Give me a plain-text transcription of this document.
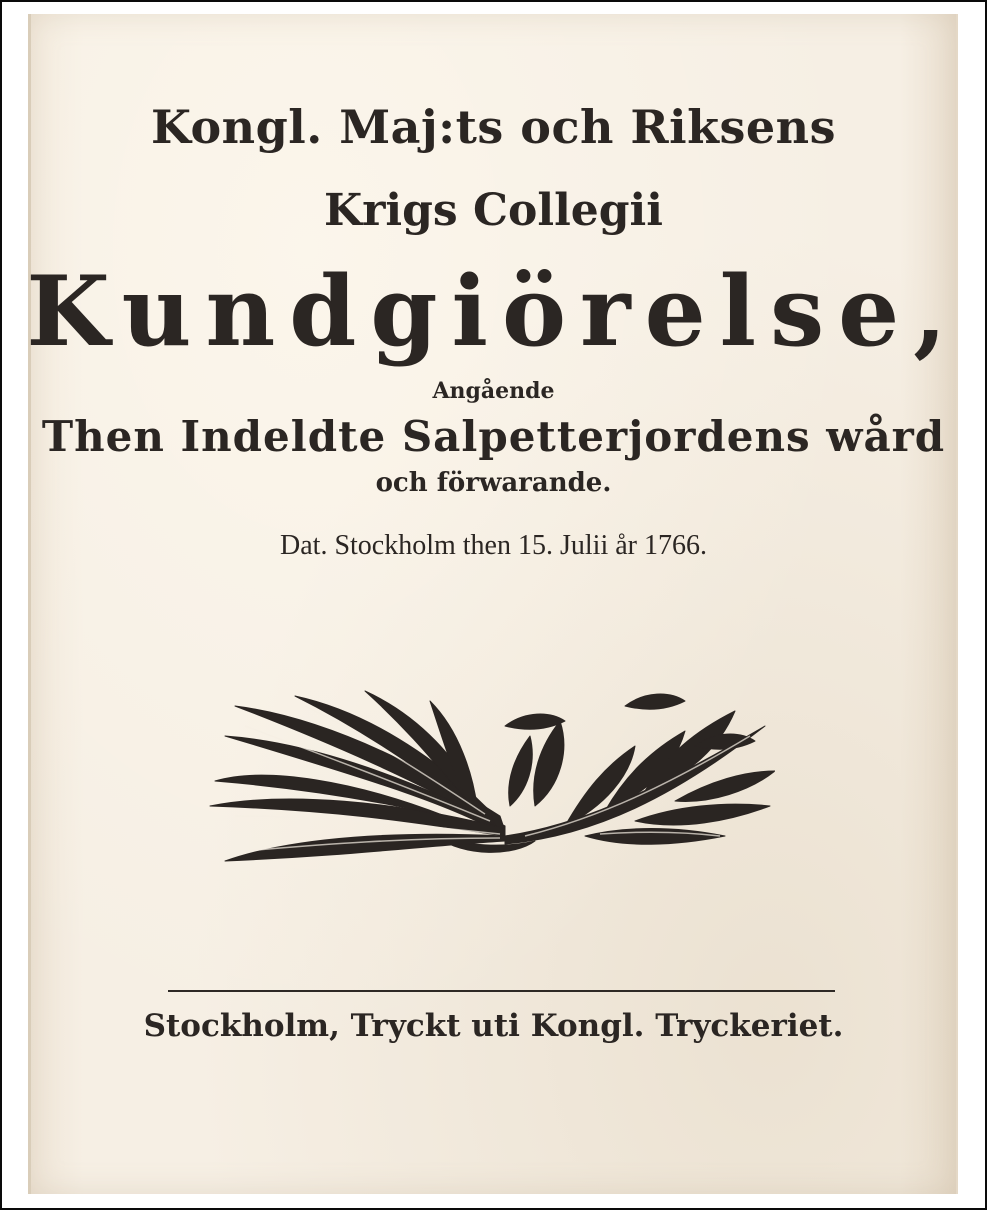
Kongl. Maj:ts och Riksens
Krigs Collegii
Kundgiörelse,
Angående
Then Indeldte Salpetterjordens wård
och förwarande.
Dat. Stockholm then 15. Julii år 1766.
Stockholm, Tryckt uti Kongl. Tryckeriet.
